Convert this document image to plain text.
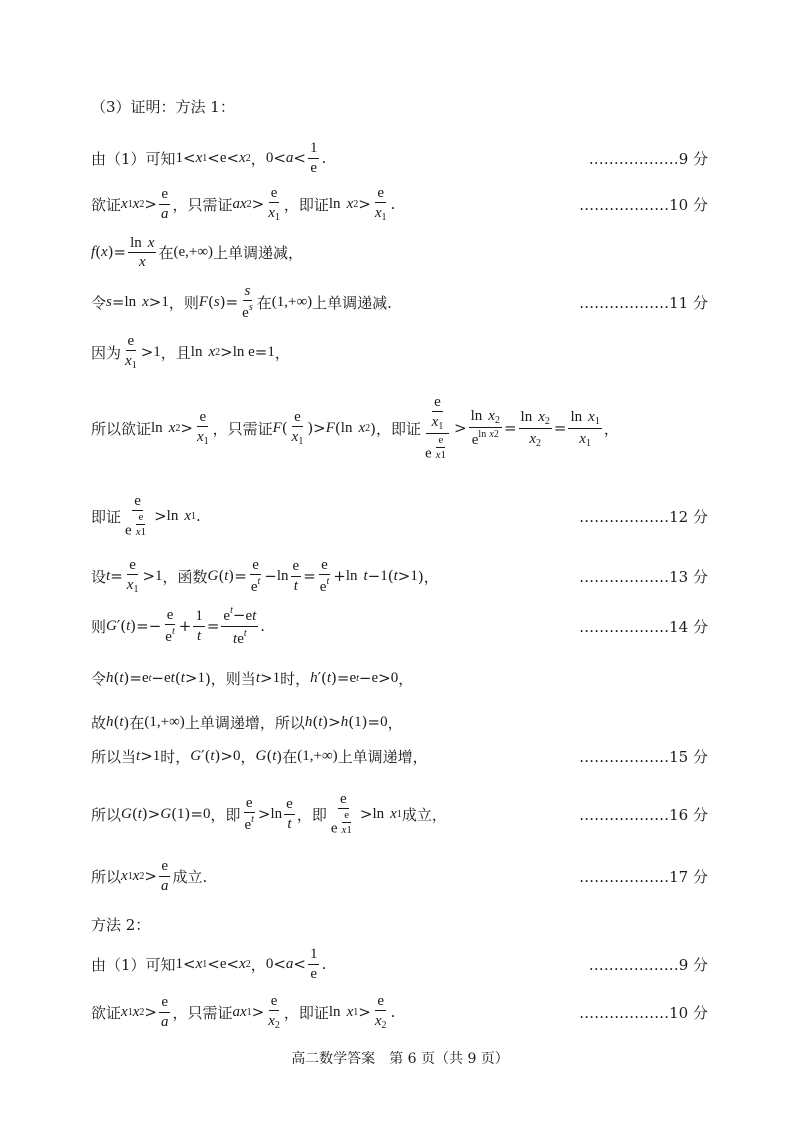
（3）证明：方法 1：
由（1）可知 1 < x 1 < e < x 2 ， $0 < a < \frac{1}{e}$ .	………………9 分
欲证 x 1 x $2 > \frac{e}{a}$ ，只需证 ax $2 > \frac{e}{x_1}$ ，即证 ln x $2 > \frac{e}{x_1}$ .	………………10 分
f ( x )= $\frac{\text{ln x}}{x}$ 在 (e,+∞) 上单调递减，
令 s = ln x > 1 ，则 F ( s )= $\frac{s}{e^s}$ 在 (1,+∞) 上单调递减.	………………11 分
因为 $\frac{e}{x_1} > 1$ ，且 ln x 2 > ln e = 1 ，
所以欲证 ln x $2 > \frac{e}{x_1}$ ，只需证 F ( $\frac{e}{x_1}$ )> F ( ln x 2 )，即证 $\frac{e}{x_1}$
e $^{\frac{e}{x1}} > \frac{\ln x_2}{e^{ln x2}} = \frac{\ln x_2}{x_2} = \frac{\ln x_1}{x_1}$ ，
即证 e
e $^{\frac{e}{x1}}$ > ln x 1 .	………………12 分
设 $t = \frac{e}{x_1} > 1$ ，函数 G ( t )= $\frac{e}{e^t} - \ln \frac{e}{t} = \frac{e}{e^t} + \ln t - 1$ ( t > 1 )，	………………13 分
则 G ′( t )=− $\frac{e}{e^t} + \frac{1}{t} = \frac{e^t-et}{te^t}$ .	………………14 分
令 h ( t )= e t − e t ( t > 1 )，则当 t > 1 时， h ′( t )= e t − e > 0 ，
故 h ( t )在 (1,+∞) 上单调递增，所以 h ( t )> h ( 1 )= 0 ，
所以当 t > 1 时， G ′( t )> 0 ， G ( t )在 (1,+∞) 上单调递增，	………………15 分
所以 G ( t )> G ( 1 )= 0 ，即 $\frac{e}{e^t} > \ln \frac{e}{t}$ ，即 e
e $^{\frac{e}{x1}}$ > ln x 1 成立，	………………16 分
所以 x 1 x $2 > \frac{e}{a}$ 成立.	………………17 分
方法 2：
由（1）可知 1 < x 1 < e < x 2 ， $0 < a < \frac{1}{e}$ .	………………9 分
欲证 x 1 x $2 > \frac{e}{a}$ ，只需证 ax $1 > \frac{e}{x_2}$ ，即证 ln x $1 > \frac{e}{x_2}$ .	………………10 分
高二数学答案　第 6 页（共 9 页）
